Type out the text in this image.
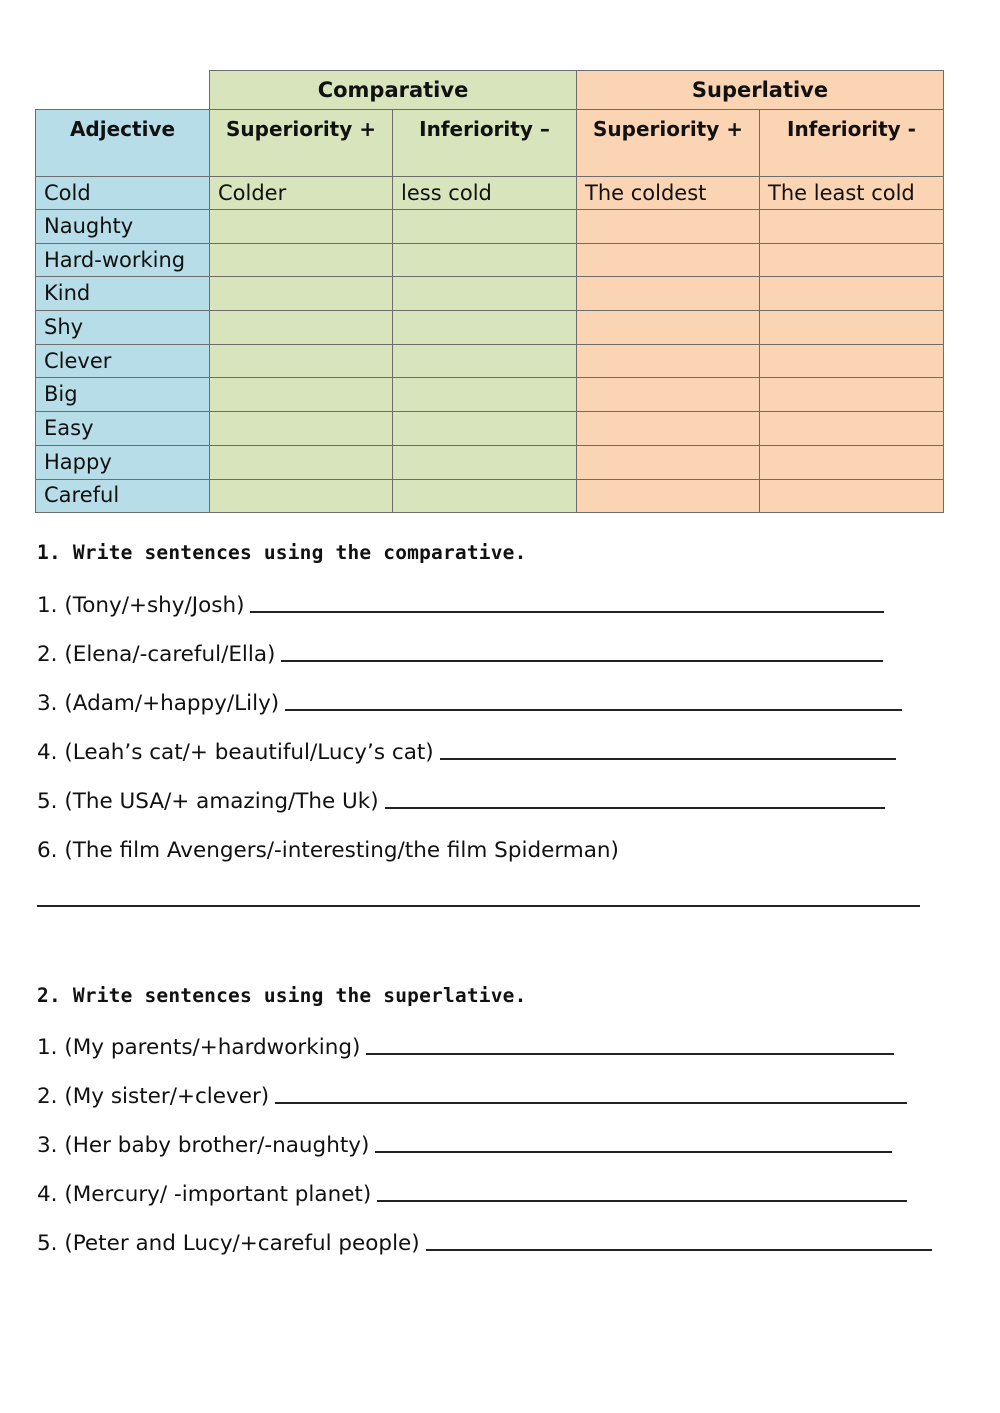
	Comparative		Superlative	
Adjective	Superiority +	Inferiority –	Superiority +	Inferiority -
Cold	Colder	less cold	The coldest	The least cold
Naughty				
Hard-working				
Kind				
Shy				
Clever				
Big				
Easy				
Happy				
Careful				
1. Write sentences using the comparative.
1. (Tony/+shy/Josh)
2. (Elena/-careful/Ella)
3. (Adam/+happy/Lily)
4. (Leah’s cat/+ beautiful/Lucy’s cat)
5. (The USA/+ amazing/The Uk)
6. (The film Avengers/-interesting/the film Spiderman)
2. Write sentences using the superlative.
1. (My parents/+hardworking)
2. (My sister/+clever)
3. (Her baby brother/-naughty)
4. (Mercury/ -important planet)
5. (Peter and Lucy/+careful people)
